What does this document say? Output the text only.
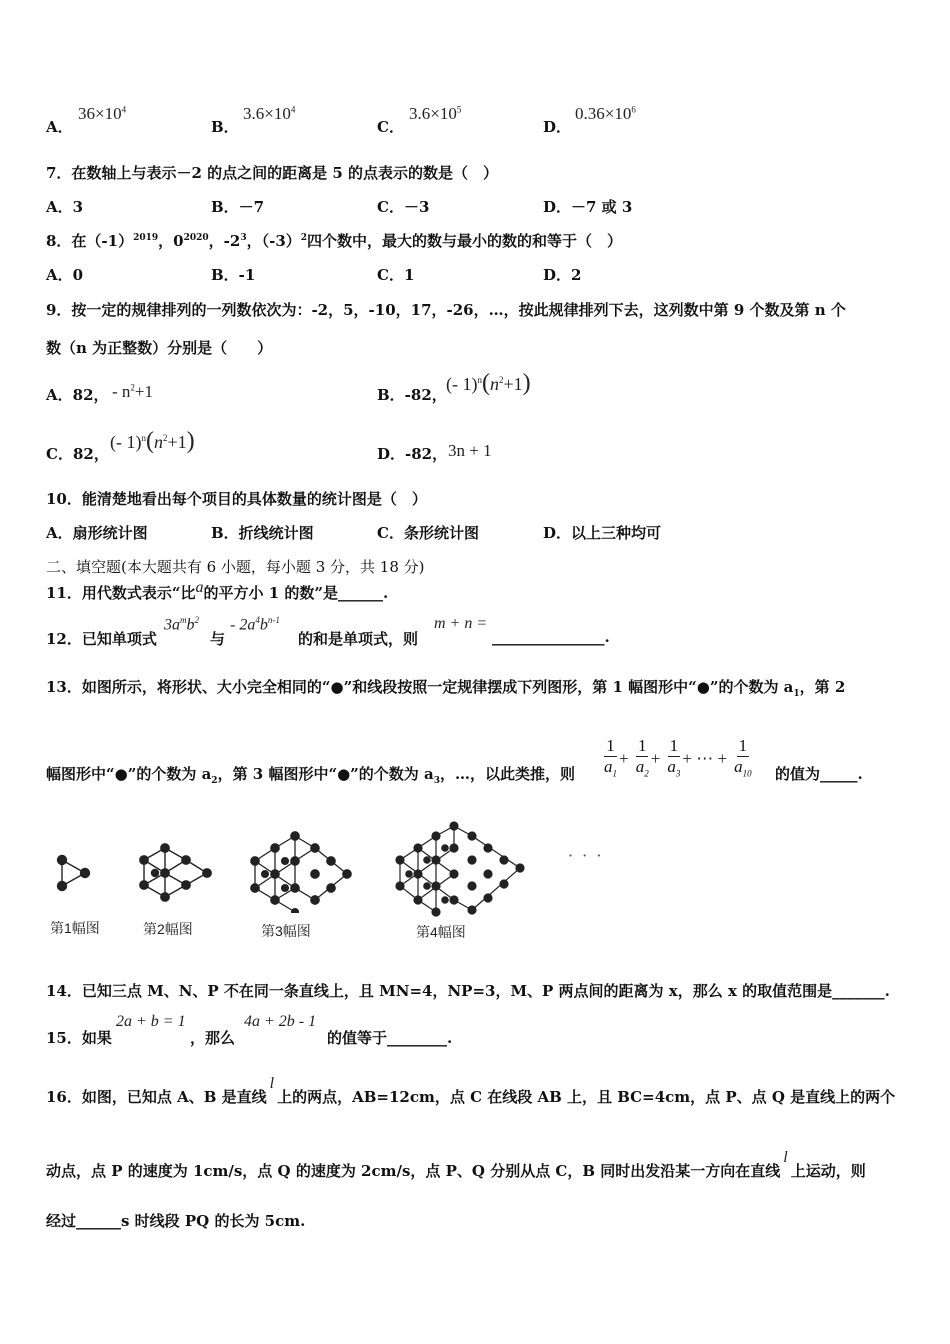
A．
$36\times 10^4$
B．
$3.6\times 10^4$
C．
$3.6\times 10^5$
D．
$0.36\times 10^6$
7．在数轴上与表示－2 的点之间的距离是 5 的点表示的数是（　）
A．3	B．－7	C．－3	D．－7 或 3
8．在$(-1)^{2019}$，$0^{2020}$，$-2^3$，$(-3)^2$四个数中，最大的数与最小的数的和等于（　）
A．0	B．-1	C．1	D．2
9．按一定的规律排列的一列数依次为：-2，5，-10，17，-26，…，按此规律排列下去，这列数中第 9 个数及第 n 个
数（n 为正整数）分别是（　　）
A．82， - $n^2+1$	B．-82，
(- $1)^n(n^2+1)$
C．82，
(- $1)^n(n^2+1)$	D．-82， 3n + 1
10．能清楚地看出每个项目的具体数量的统计图是（　）
A．扇形统计图	B．折线统计图	C．条形统计图	D．以上三种均可
二、填空题(本大题共有 6 小题，每小题 3 分，共 18 分)
11．用代数式表示“比a的平方小 1 的数”是______.
12．已知单项式
$3a^mb^2$
与
- $2a^4b^{n-1}$
的和是单项式，则
m + n =
_______________.
13．如图所示，将形状、大小完全相同的“●”和线段按照一定规律摆成下列图形，第 1 幅图形中“●”的个数为 $a_1$，第 2
幅图形中“●”的个数为 $a_2$，第 3 幅图形中“●”的个数为 $a_3$，…，以此类推，则 $\frac{1}{a_1} + \frac{1}{a_2} + \frac{1}{a_3}$ + ⋯ + $\frac{1}{a_{10}}$ 的值为_____.
· · ·
第1幅图	第2幅图	第3幅图	第4幅图
14．已知三点 M、N、P 不在同一条直线上，且 MN=4，NP=3，M、P 两点间的距离为 x，那么 x 的取值范围是_______.
15．如果
2a + b = 1
，那么
4a + 2b - 1
的值等于________.
16．如图，已知点 A、B 是直线l上的两点，AB=12cm，点 C 在线段 AB 上，且 BC=4cm，点 P、点 Q 是直线上的两个
动点，点 P 的速度为 1cm/s，点 Q 的速度为 2cm/s，点 P、Q 分别从点 C，B 同时出发沿某一方向在直线l上运动，则
经过______s 时线段 PQ 的长为 5cm.
